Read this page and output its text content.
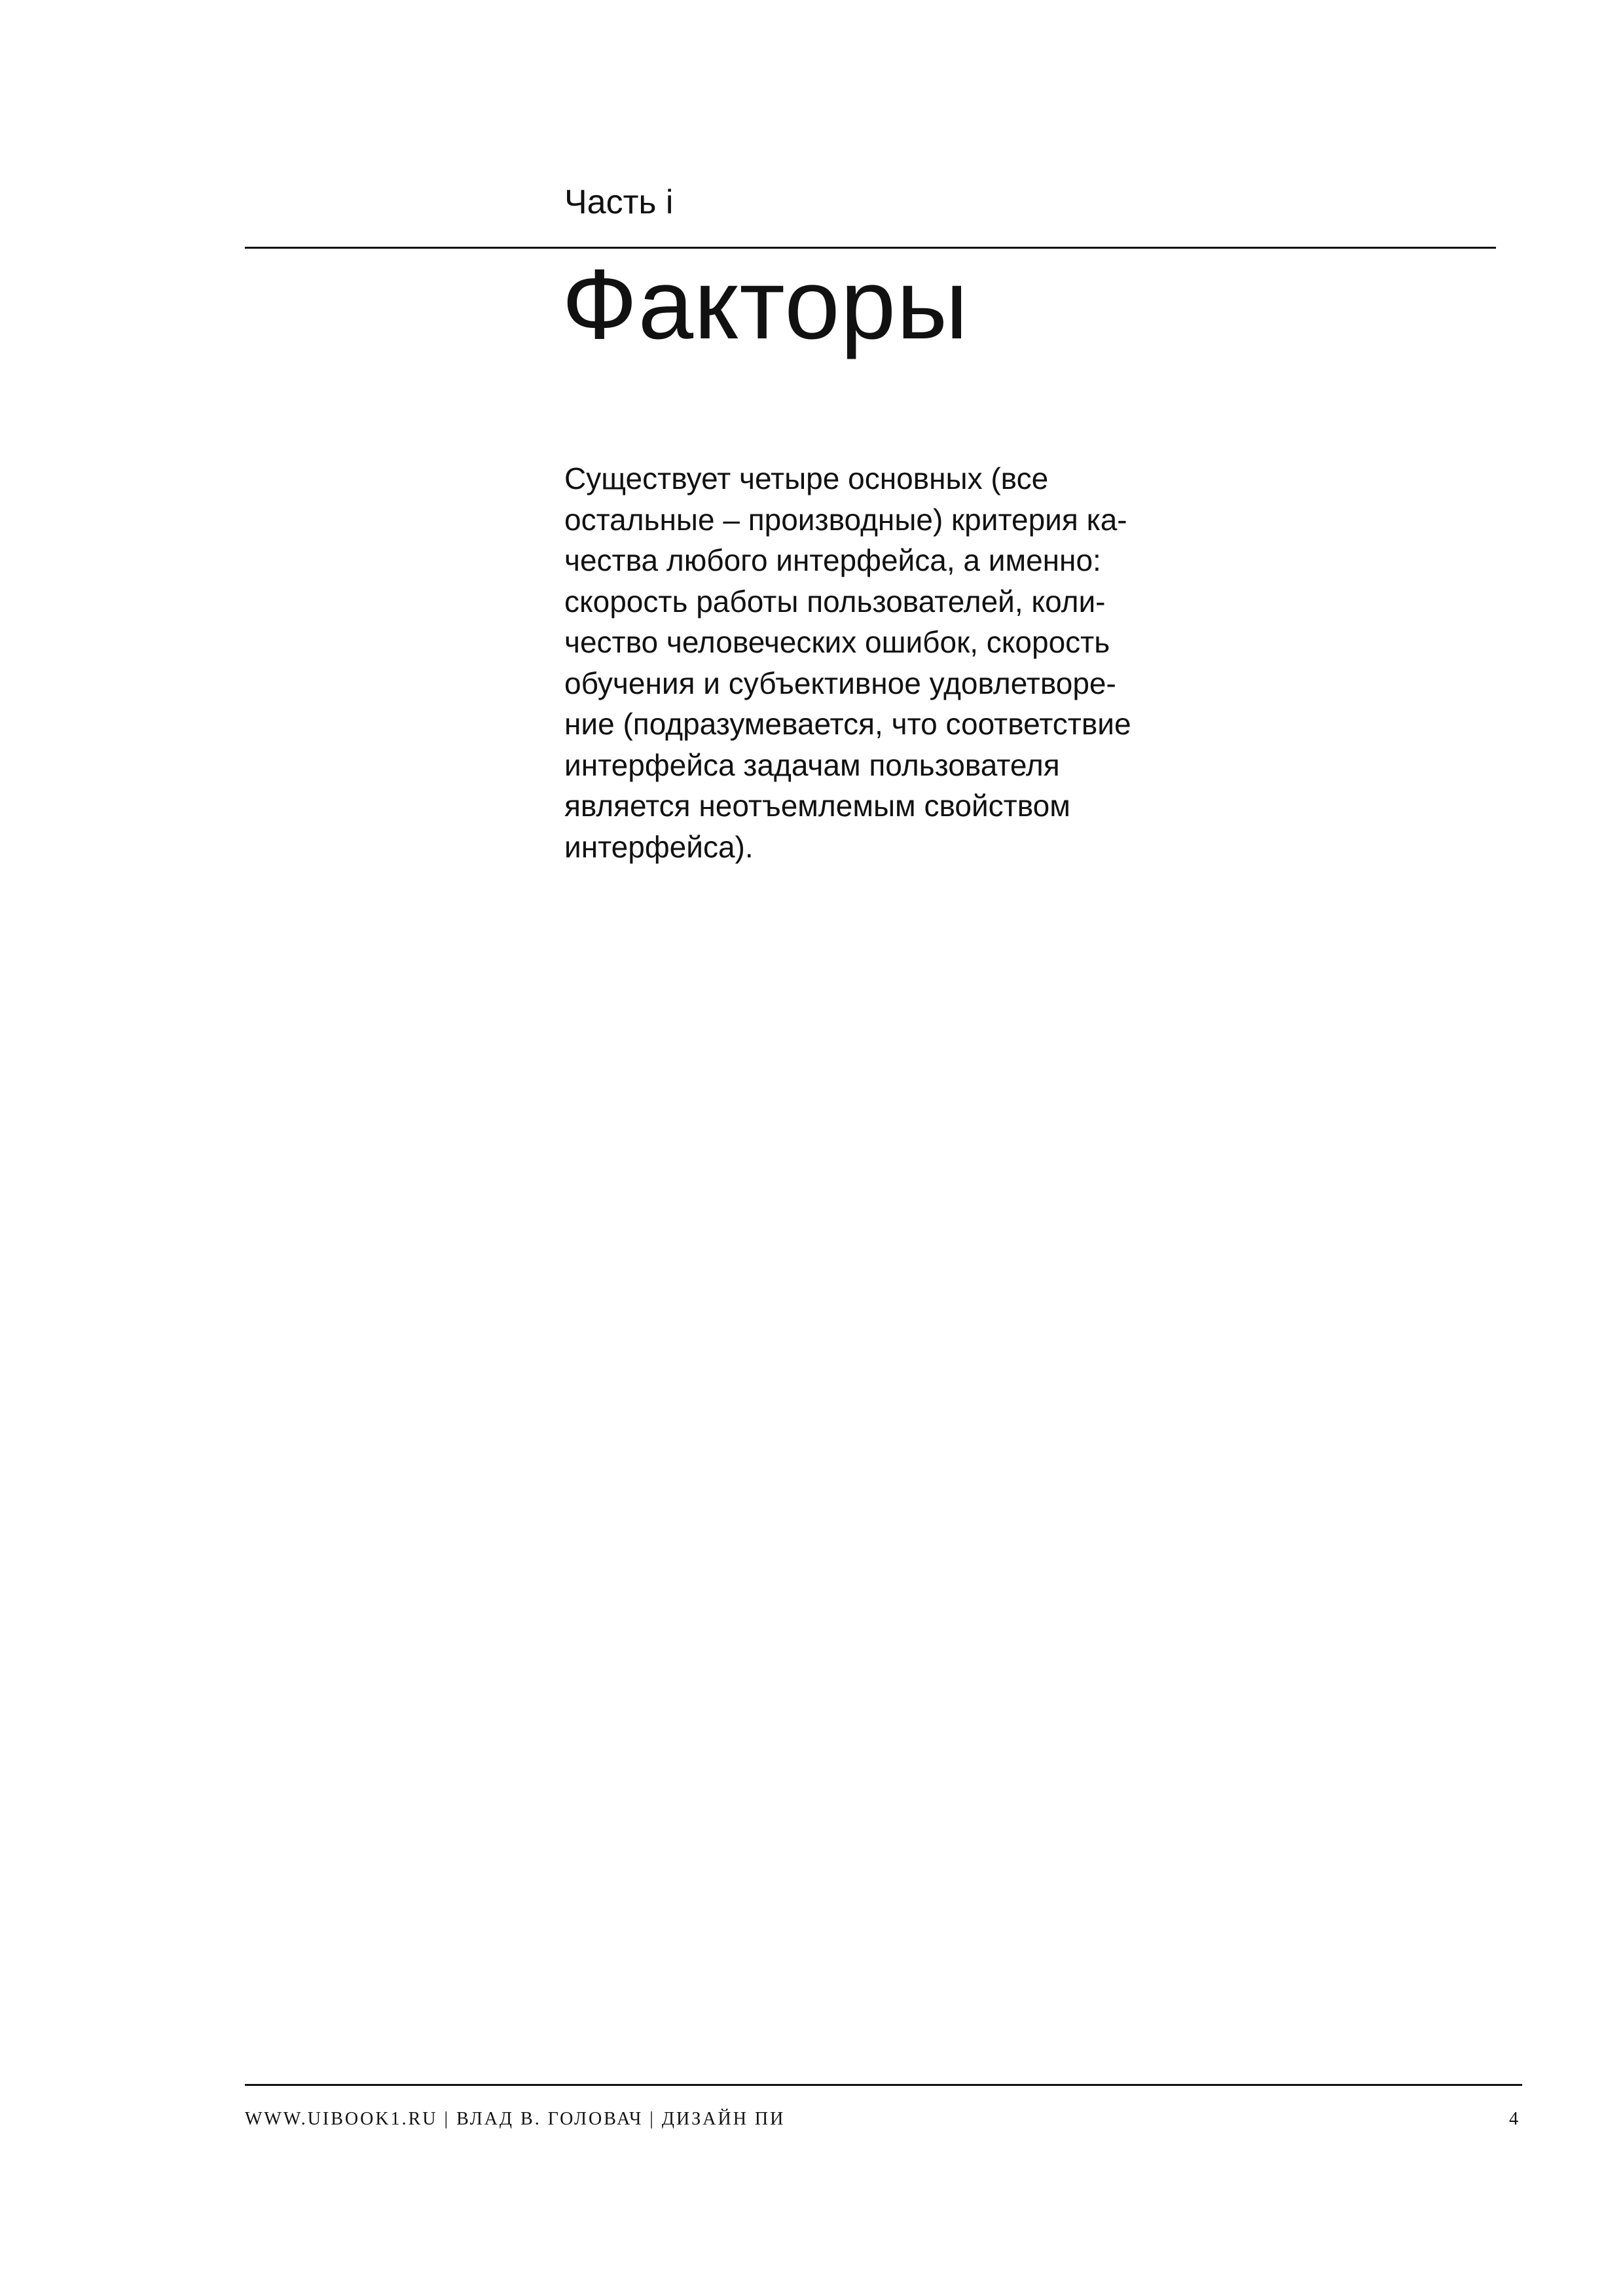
Часть i
Факторы

Существует четыре основных (все
остальные – производные) критерия ка-
чества любого интерфейса, а именно:
скорость работы пользователей, коли-
чество человеческих ошибок, скорость
обучения и субъективное удовлетворе-
ние (подразумевается, что соответствие
интерфейса задачам пользователя
является неотъемлемым свойством
интерфейса).

WWW.UIBOOK1.RU | ВЛАД В. ГОЛОВАЧ | ДИЗАЙН ПИ	4
